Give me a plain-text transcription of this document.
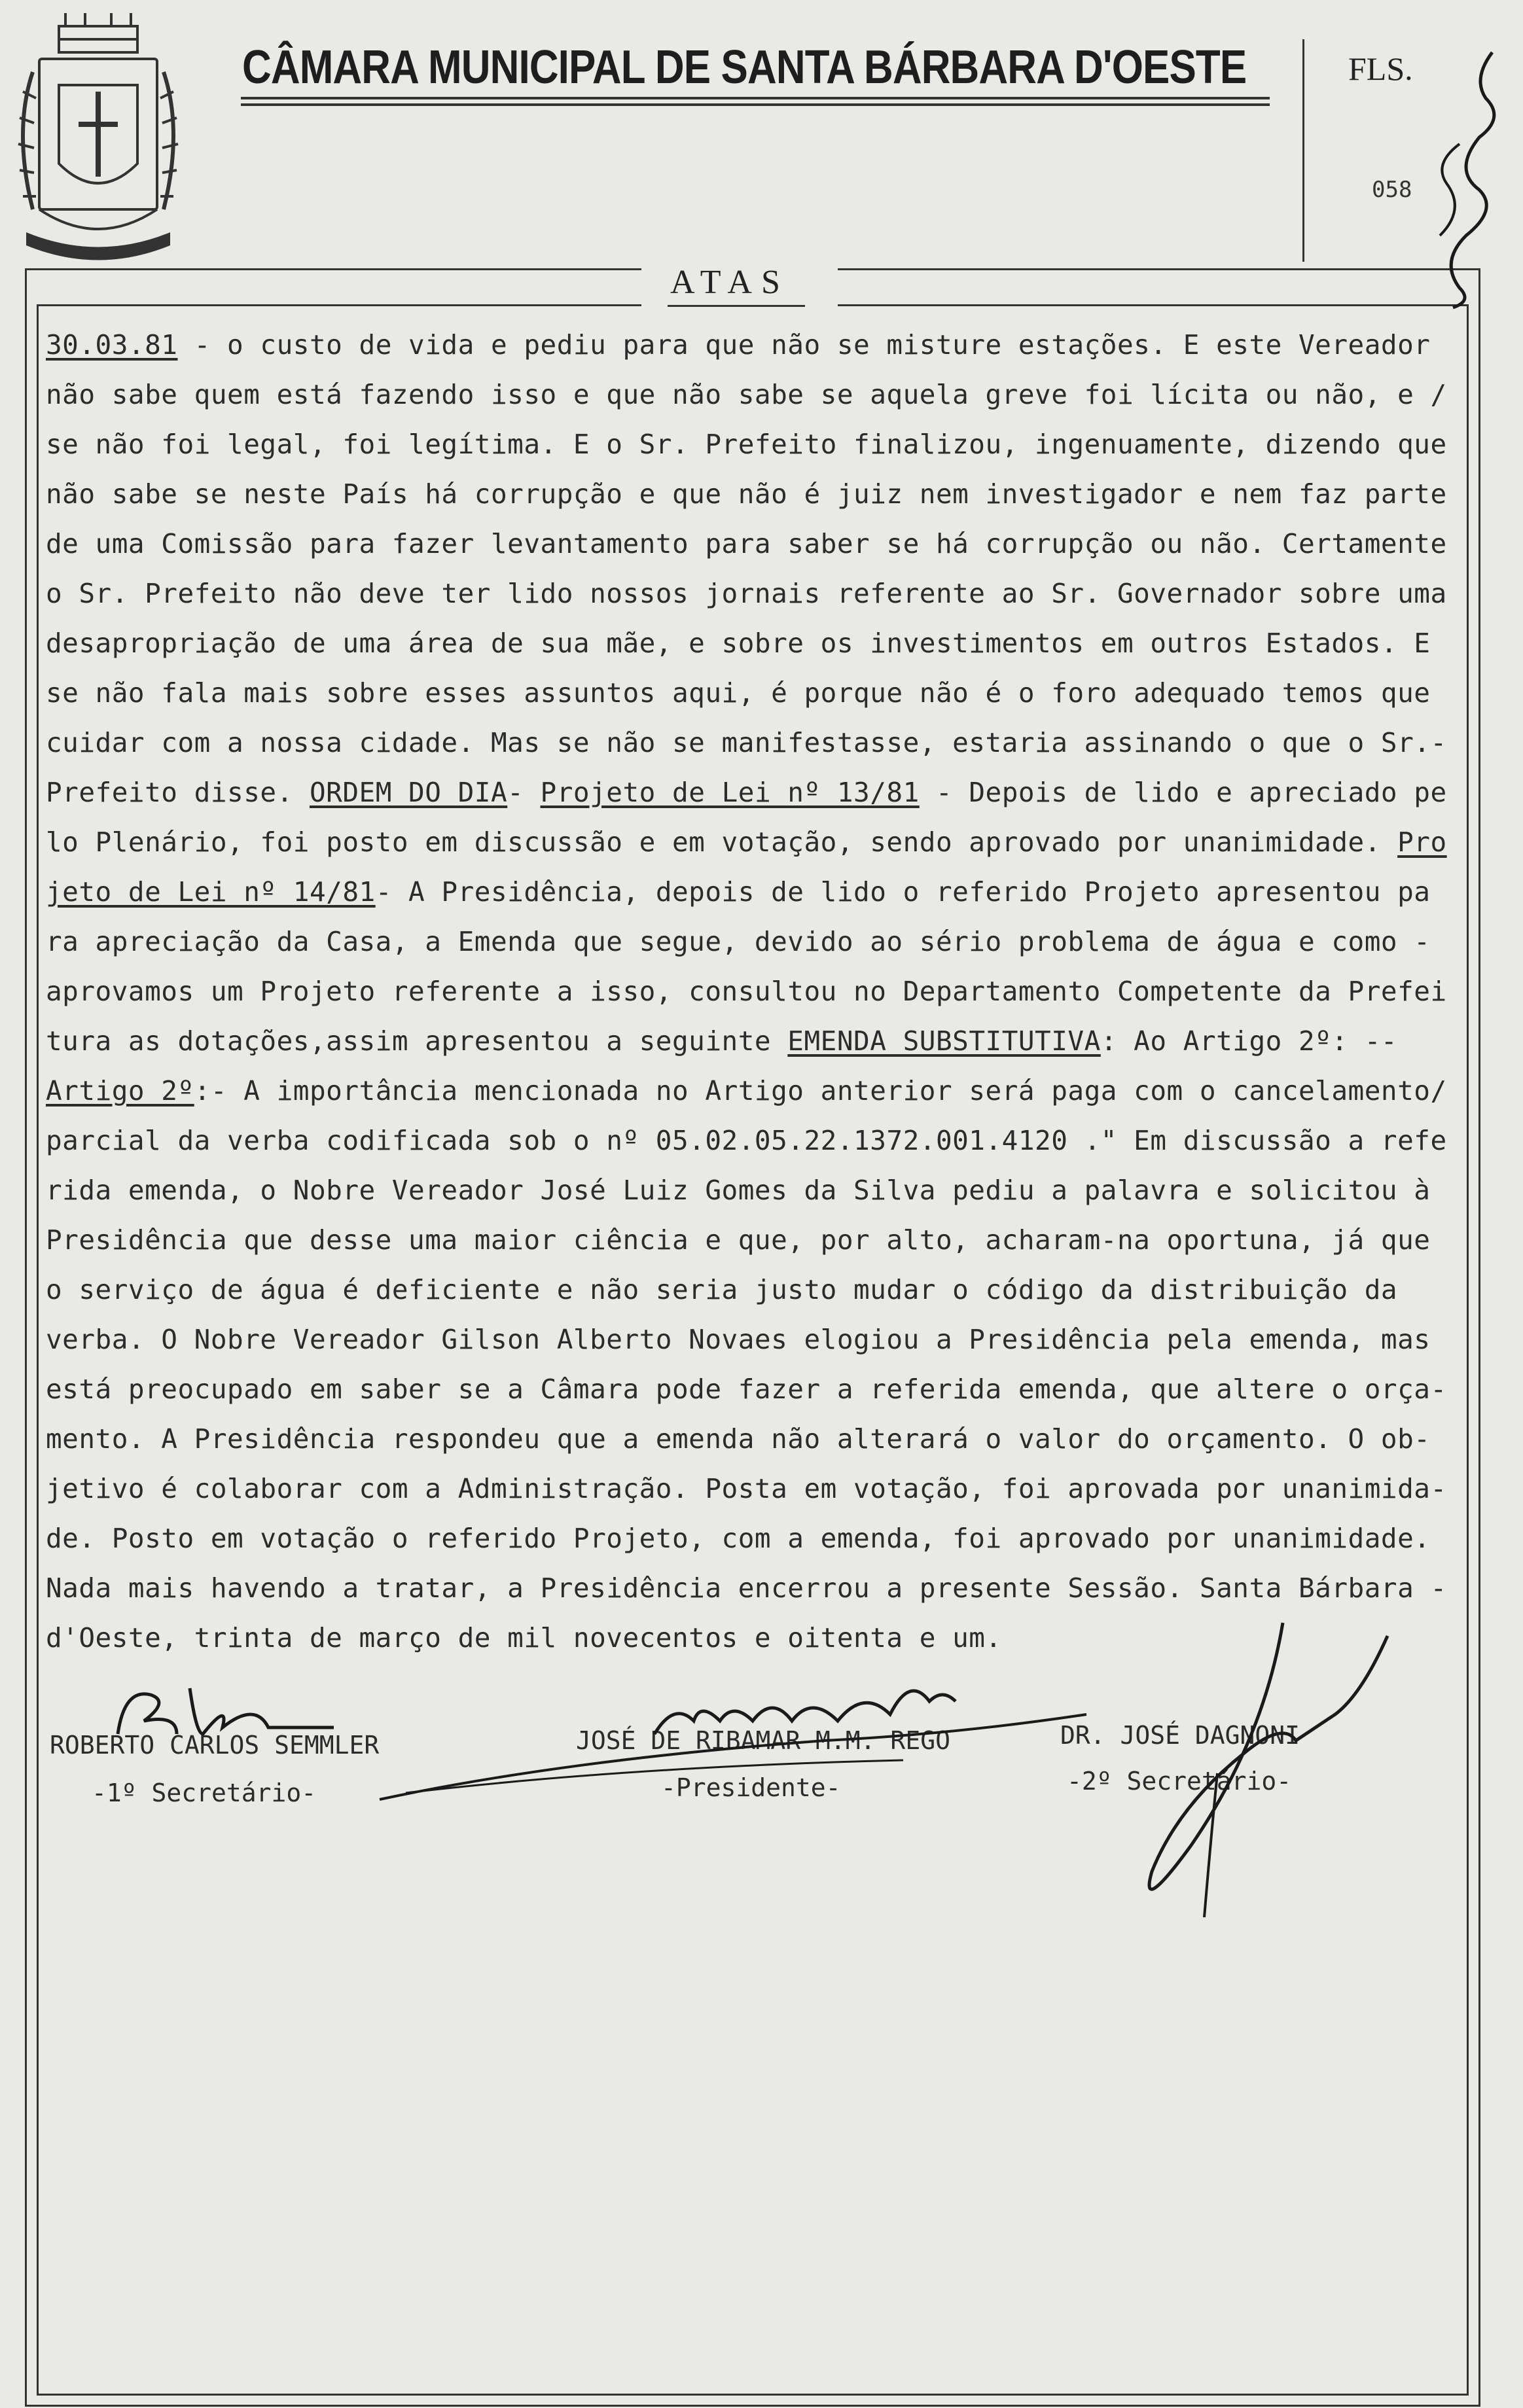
CÂMARA MUNICIPAL DE SANTA BÁRBARA D'OESTE	FLS.
058
ATAS
30.03.81 - o custo de vida e pediu para que não se misture estações. E este Vereador
não sabe quem está fazendo isso e que não sabe se aquela greve foi lícita ou não, e /
se não foi legal, foi legítima. E o Sr. Prefeito finalizou, ingenuamente, dizendo que
não sabe se neste País há corrupção e que não é juiz nem investigador e nem faz parte
de uma Comissão para fazer levantamento para saber se há corrupção ou não. Certamente
o Sr. Prefeito não deve ter lido nossos jornais referente ao Sr. Governador sobre uma
desapropriação de uma área de sua mãe, e sobre os investimentos em outros Estados. E
se não fala mais sobre esses assuntos aqui, é porque não é o foro adequado temos que
cuidar com a nossa cidade. Mas se não se manifestasse, estaria assinando o que o Sr.-
Prefeito disse. ORDEM DO DIA- Projeto de Lei nº 13/81 - Depois de lido e apreciado pe
lo Plenário, foi posto em discussão e em votação, sendo aprovado por unanimidade. Pro
jeto de Lei nº 14/81- A Presidência, depois de lido o referido Projeto apresentou pa
ra apreciação da Casa, a Emenda que segue, devido ao sério problema de água e como -
aprovamos um Projeto referente a isso, consultou no Departamento Competente da Prefei
tura as dotações,assim apresentou a seguinte EMENDA SUBSTITUTIVA: Ao Artigo 2º: --
Artigo 2º:- A importância mencionada no Artigo anterior será paga com o cancelamento/
parcial da verba codificada sob o nº 05.02.05.22.1372.001.4120 ." Em discussão a refe
rida emenda, o Nobre Vereador José Luiz Gomes da Silva pediu a palavra e solicitou à
Presidência que desse uma maior ciência e que, por alto, acharam-na oportuna, já que
o serviço de água é deficiente e não seria justo mudar o código da distribuição da
verba. O Nobre Vereador Gilson Alberto Novaes elogiou a Presidência pela emenda, mas
está preocupado em saber se a Câmara pode fazer a referida emenda, que altere o orça-
mento. A Presidência respondeu que a emenda não alterará o valor do orçamento. O ob-
jetivo é colaborar com a Administração. Posta em votação, foi aprovada por unanimida-
de. Posto em votação o referido Projeto, com a emenda, foi aprovado por unanimidade.
Nada mais havendo a tratar, a Presidência encerrou a presente Sessão. Santa Bárbara -
d'Oeste, trinta de março de mil novecentos e oitenta e um.
ROBERTO CARLOS SEMMLER
-1º Secretário-
JOSÉ DE RIBAMAR M.M. REGO
-Presidente-
DR. JOSÉ DAGNONI
-2º Secretário-
